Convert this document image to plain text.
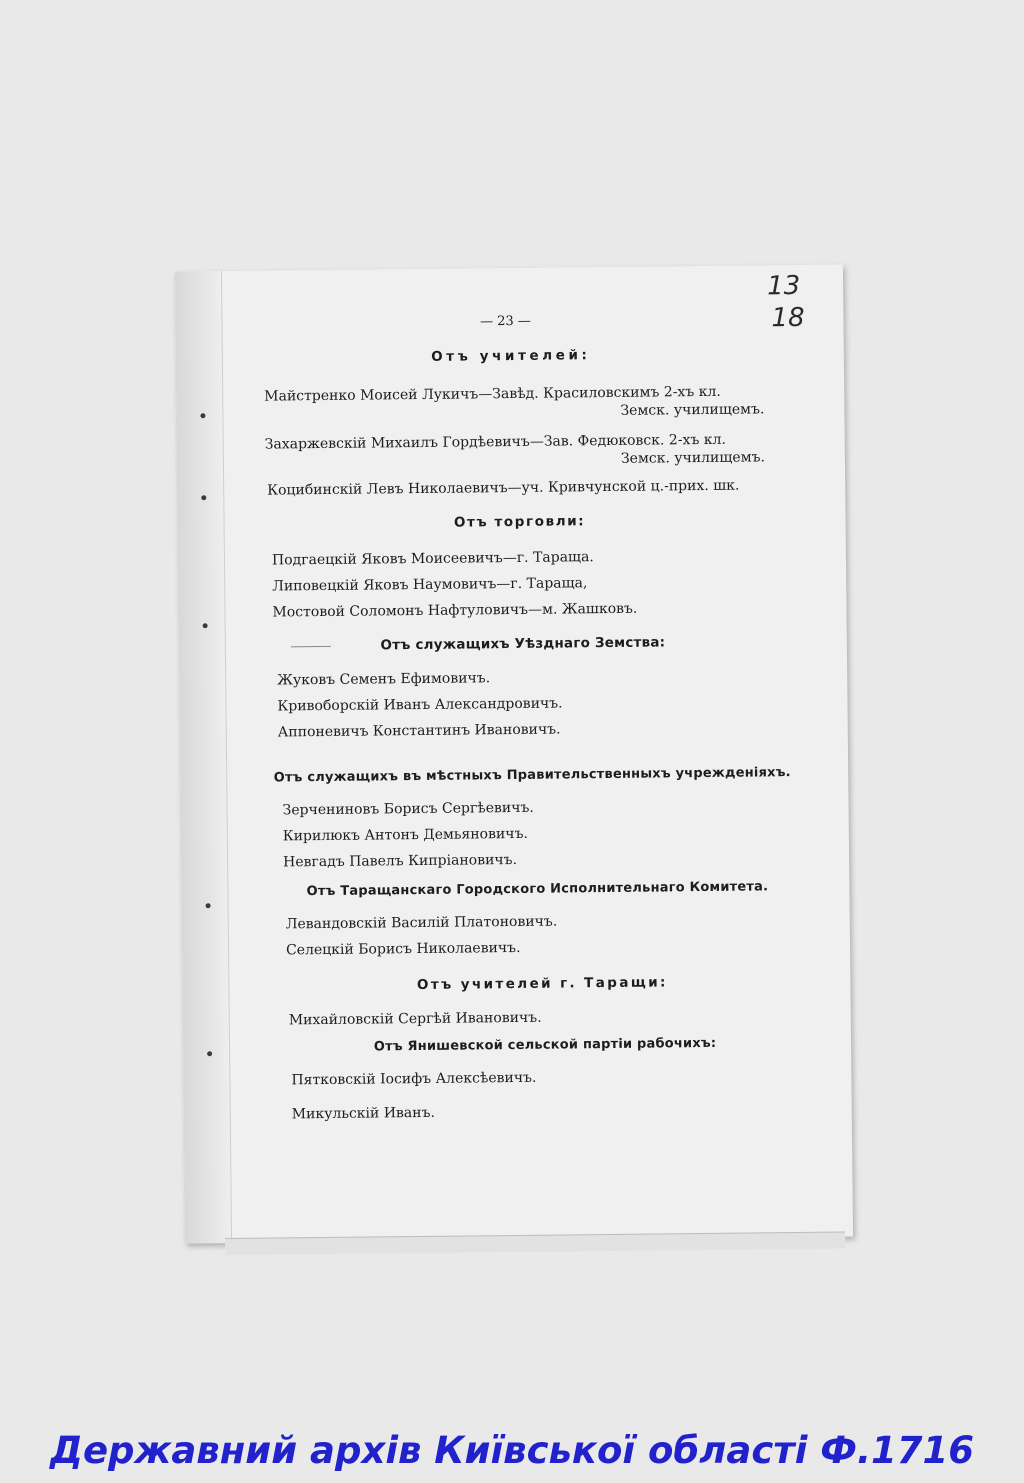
— 23 —
13
18
Отъ учителей:
Майстренко Моисей Лукичъ—Завѣд. Красиловскимъ 2-хъ кл.
Земск. училищемъ.
Захаржевскій Михаилъ Гордѣевичъ—Зав. Федюковск. 2-хъ кл.
Земск. училищемъ.
Коцибинскій Левъ Николаевичъ—уч. Кривчунской ц.-прих. шк.
Отъ торговли:
Подгаецкій Яковъ Моисеевичъ—г. Тараща.
Липовецкій Яковъ Наумовичъ—г. Тараща,
Мостовой Соломонъ Нафтуловичъ—м. Жашковъ.
Отъ служащихъ Уѣзднаго Земства:
Жуковъ Семенъ Ефимовичъ.
Кривоборскій Иванъ Александровичъ.
Аппоневичъ Константинъ Ивановичъ.
Отъ служащихъ въ мѣстныхъ Правительственныхъ учрежденіяхъ.
Зерчениновъ Борисъ Сергѣевичъ.
Кирилюкъ Антонъ Демьяновичъ.
Невгадъ Павелъ Кипріановичъ.
Отъ Таращанскаго Городского Исполнительнаго Комитета.
Левандовскій Василій Платоновичъ.
Селецкій Борисъ Николаевичъ.
Отъ учителей г. Таращи:
Михайловскій Сергѣй Ивановичъ.
Отъ Янишевской сельской партіи рабочихъ:
Пятковскій Іосифъ Алексѣевичъ.
Микульскій Иванъ.
Державний архів Київської області Ф.1716
